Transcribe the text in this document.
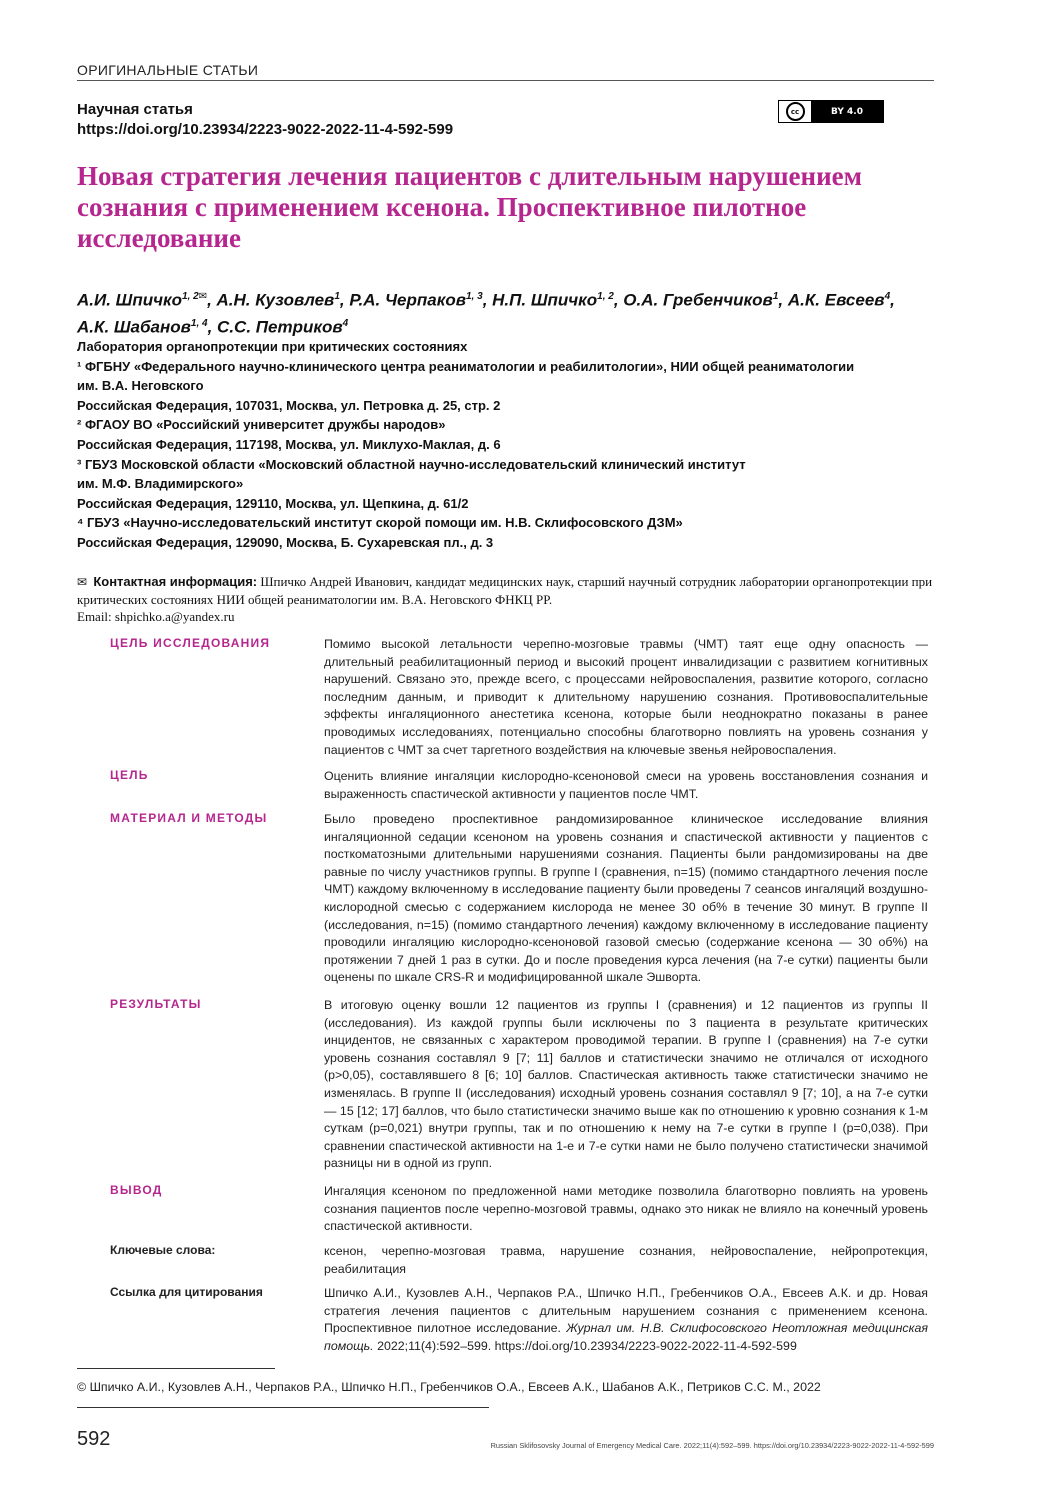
ОРИГИНАЛЬНЫЕ СТАТЬИ
Научная статья
https://doi.org/10.23934/2223-9022-2022-11-4-592-599
cc	BY 4.0
Новая стратегия лечения пациентов с длительным нарушением сознания с применением ксенона. Проспективное пилотное исследование
А.И. Шпичко$^{1, 2✉}$, А.Н. Кузовлев$^1$, Р.А. Черпаков$^{1, 3}$, Н.П. Шпичко$^{1, 2}$, О.А. Гребенчиков$^1$, А.К. Евсеев$^4$,
А.К. Шабанов$^{1, 4}$, С.С. Петриков$^4$
Лаборатория органопротекции при критических состояниях
¹ ФГБНУ «Федерального научно-клинического центра реаниматологии и реабилитологии», НИИ общей реаниматологии
им. В.А. Неговского
Российская Федерация, 107031, Москва, ул. Петровка д. 25, стр. 2
² ФГАОУ ВО «Российский университет дружбы народов»
Российская Федерация, 117198, Москва, ул. Миклухо-Маклая, д. 6
³ ГБУЗ Московской области «Московский областной научно-исследовательский клинический институт
им. М.Ф. Владимирского»
Российская Федерация, 129110, Москва, ул. Щепкина, д. 61/2
⁴ ГБУЗ «Научно-исследовательский институт скорой помощи им. Н.В. Склифосовского ДЗМ»
Российская Федерация, 129090, Москва, Б. Сухаревская пл., д. 3
✉ Контактная информация: Шпичко Андрей Иванович, кандидат медицинских наук, старший научный сотрудник лаборатории органопротекции при критических состояниях НИИ общей реаниматологии им. В.А. Неговского ФНКЦ РР.
Email: shpichko.a@yandex.ru
ЦЕЛЬ ИССЛЕДОВАНИЯ	Помимо высокой летальности черепно-мозговые травмы (ЧМТ) таят еще одну опасность — длительный реабилитационный период и высокий процент инвалидизации с развитием когнитивных нарушений. Связано это, прежде всего, с процессами нейровоспаления, развитие которого, согласно последним данным, и приводит к длительному нарушению сознания. Противовоспалительные эффекты ингаляционного анестетика ксенона, которые были неоднократно показаны в ранее проводимых исследованиях, потенциально способны благотворно повлиять на уровень сознания у пациентов с ЧМТ за счет таргетного воздействия на ключевые звенья нейровоспаления.
ЦЕЛЬ	Оценить влияние ингаляции кислородно-ксеноновой смеси на уровень восстановления сознания и выраженность спастической активности у пациентов после ЧМТ.
МАТЕРИАЛ И МЕТОДЫ	Было проведено проспективное рандомизированное клиническое исследование влияния ингаляционной седации ксеноном на уровень сознания и спастической активности у пациентов с посткоматозными длительными нарушениями сознания. Пациенты были рандомизированы на две равные по числу участников группы. В группе I (сравнения, n=15) (помимо стандартного лечения после ЧМТ) каждому включенному в исследование пациенту были проведены 7 сеансов ингаляций воздушно-кислородной смесью с содержанием кислорода не менее 30 об% в течение 30 минут. В группе II (исследования, n=15) (помимо стандартного лечения) каждому включенному в исследование пациенту проводили ингаляцию кислородно-ксеноновой газовой смесью (содержание ксенона — 30 об%) на протяжении 7 дней 1 раз в сутки. До и после проведения курса лечения (на 7-е сутки) пациенты были оценены по шкале CRS-R и модифицированной шкале Эшворта.
РЕЗУЛЬТАТЫ	В итоговую оценку вошли 12 пациентов из группы I (сравнения) и 12 пациентов из группы II (исследования). Из каждой группы были исключены по 3 пациента в результате критических инцидентов, не связанных с характером проводимой терапии. В группе I (сравнения) на 7-е сутки уровень сознания составлял 9 [7; 11] баллов и статистически значимо не отличался от исходного (p>0,05), составлявшего 8 [6; 10] баллов. Спастическая активность также статистически значимо не изменялась. В группе II (исследования) исходный уровень сознания составлял 9 [7; 10], а на 7-е сутки — 15 [12; 17] баллов, что было статистически значимо выше как по отношению к уровню сознания к 1-м суткам (p=0,021) внутри группы, так и по отношению к нему на 7-е сутки в группе I (p=0,038). При сравнении спастической активности на 1-е и 7-е сутки нами не было получено статистически значимой разницы ни в одной из групп.
ВЫВОД	Ингаляция ксеноном по предложенной нами методике позволила благотворно повлиять на уровень сознания пациентов после черепно-мозговой травмы, однако это никак не влияло на конечный уровень спастической активности.
Ключевые слова:	ксенон, черепно-мозговая травма, нарушение сознания, нейровоспаление, нейропротекция, реабилитация
Ссылка для цитирования	Шпичко А.И., Кузовлев А.Н., Черпаков Р.А., Шпичко Н.П., Гребенчиков О.А., Евсеев А.К. и др. Новая стратегия лечения пациентов с длительным нарушением сознания с применением ксенона. Проспективное пилотное исследование. Журнал им. Н.В. Склифосовского Неотложная медицинская помощь. 2022;11(4):592–599. https://doi.org/10.23934/2223-9022-2022-11-4-592-599
© Шпичко А.И., Кузовлев А.Н., Черпаков Р.А., Шпичко Н.П., Гребенчиков О.А., Евсеев А.К., Шабанов А.К., Петриков С.С. М., 2022
592	Russian Sklifosovsky Journal of Emergency Medical Care. 2022;11(4):592–599. https://doi.org/10.23934/2223-9022-2022-11-4-592-599
